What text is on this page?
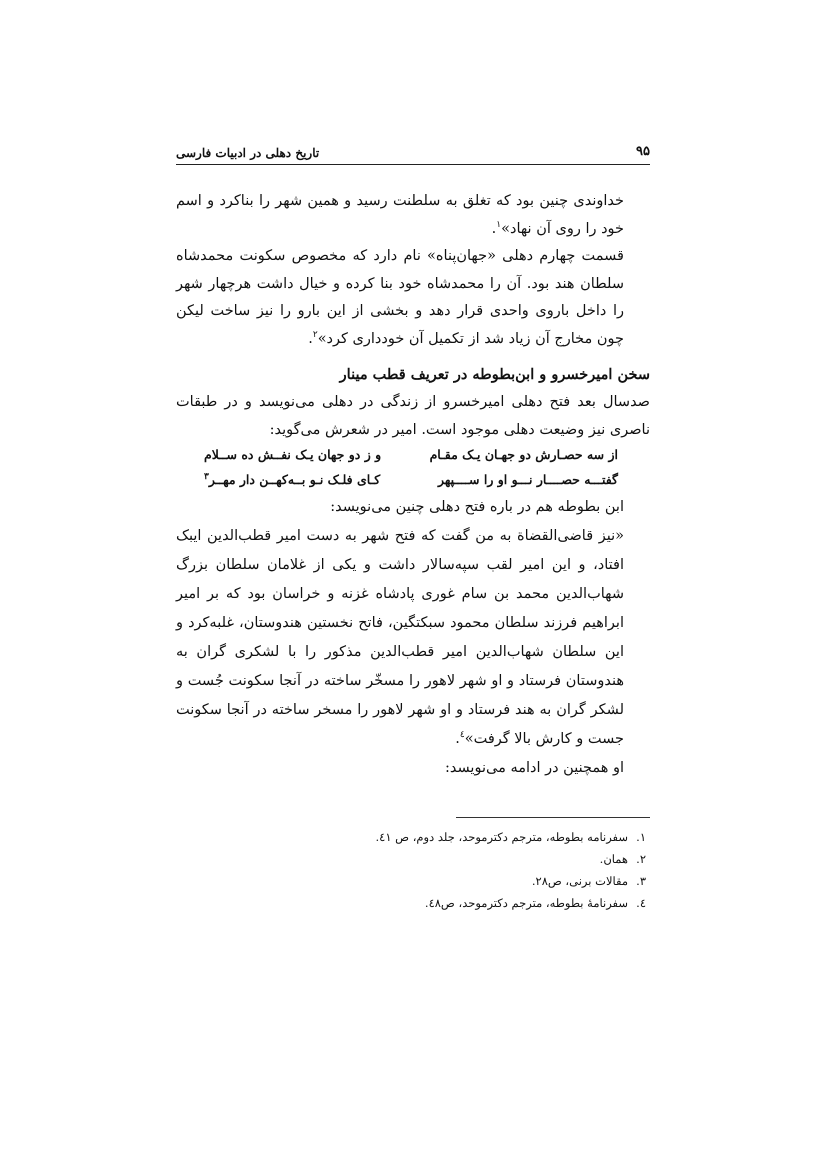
۹۵
تاریخ دهلی در ادبیات فارسی
خداوندی چنین بود که تغلق به سلطنت رسید و همین شهر را بناکرد و اسم خود را روی آن نهاد»$^۱$.
قسمت چهارم دهلی «جهان‌پناه» نام دارد که مخصوص سکونت محمدشاه سلطان هند بود. آن را محمدشاه خود بنا کرده و خیال داشت هرچهار شهر را داخل باروی واحدی قرار دهد و بخشی از این بارو را نیز ساخت لیکن چون مخارج آن زیاد شد از تکمیل آن خودداری کرد»$^۲$.
سخن امیرخسرو و ابن‌بطوطه در تعریف قطب مینار
صدسال بعد فتح دهلی امیرخسرو از زندگی در دهلی می‌نویسد و در طبقات ناصری نیز وضیعت دهلی موجود است. امیر در شعرش می‌گوید:
از سه حصـارش دو جهـان یـک مقـام
و ز دو جهان یـک نفــش ده ســلام
گفتـــه حصــــار نـــو او را ســــپهر
کـای فلـک نـو بــه‌کهــن دار مهــر$^۳$
ابن بطوطه هم در باره فتح دهلی چنین می‌نویسد:
«نیز قاضی‌القضاة به من گفت که فتح شهر به دست امیر قطب‌الدین ایبک افتاد، و این امیر لقب سپه‌سالار داشت و یکی از غلامان سلطان بزرگ شهاب‌الدین محمد بن سام غوری پادشاه غزنه و خراسان بود که بر امیر ابراهیم فرزند سلطان محمود سبکتگین، فاتح نخستین هندوستان، غلبه‌کرد و این سلطان شهاب‌الدین امیر قطب‌الدین مذکور را با لشکری گران به هندوستان فرستاد و او شهر لاهور را مسخّر ساخته در آنجا سکونت جُست و لشکر گران به هند فرستاد و او شهر لاهور را مسخر ساخته در آنجا سکونت جست و کارش بالا گرفت»$^٤$.
او همچنین در ادامه می‌نویسد:
۱.سفرنامه بطوطه، مترجم دکترموحد، جلد دوم، ص ٤۱.
۲.همان.
۳.مقالات برنی، ص۲۸.
٤.سفرنامۀ بطوطه، مترجم دکترموحد، ص٤۸.
